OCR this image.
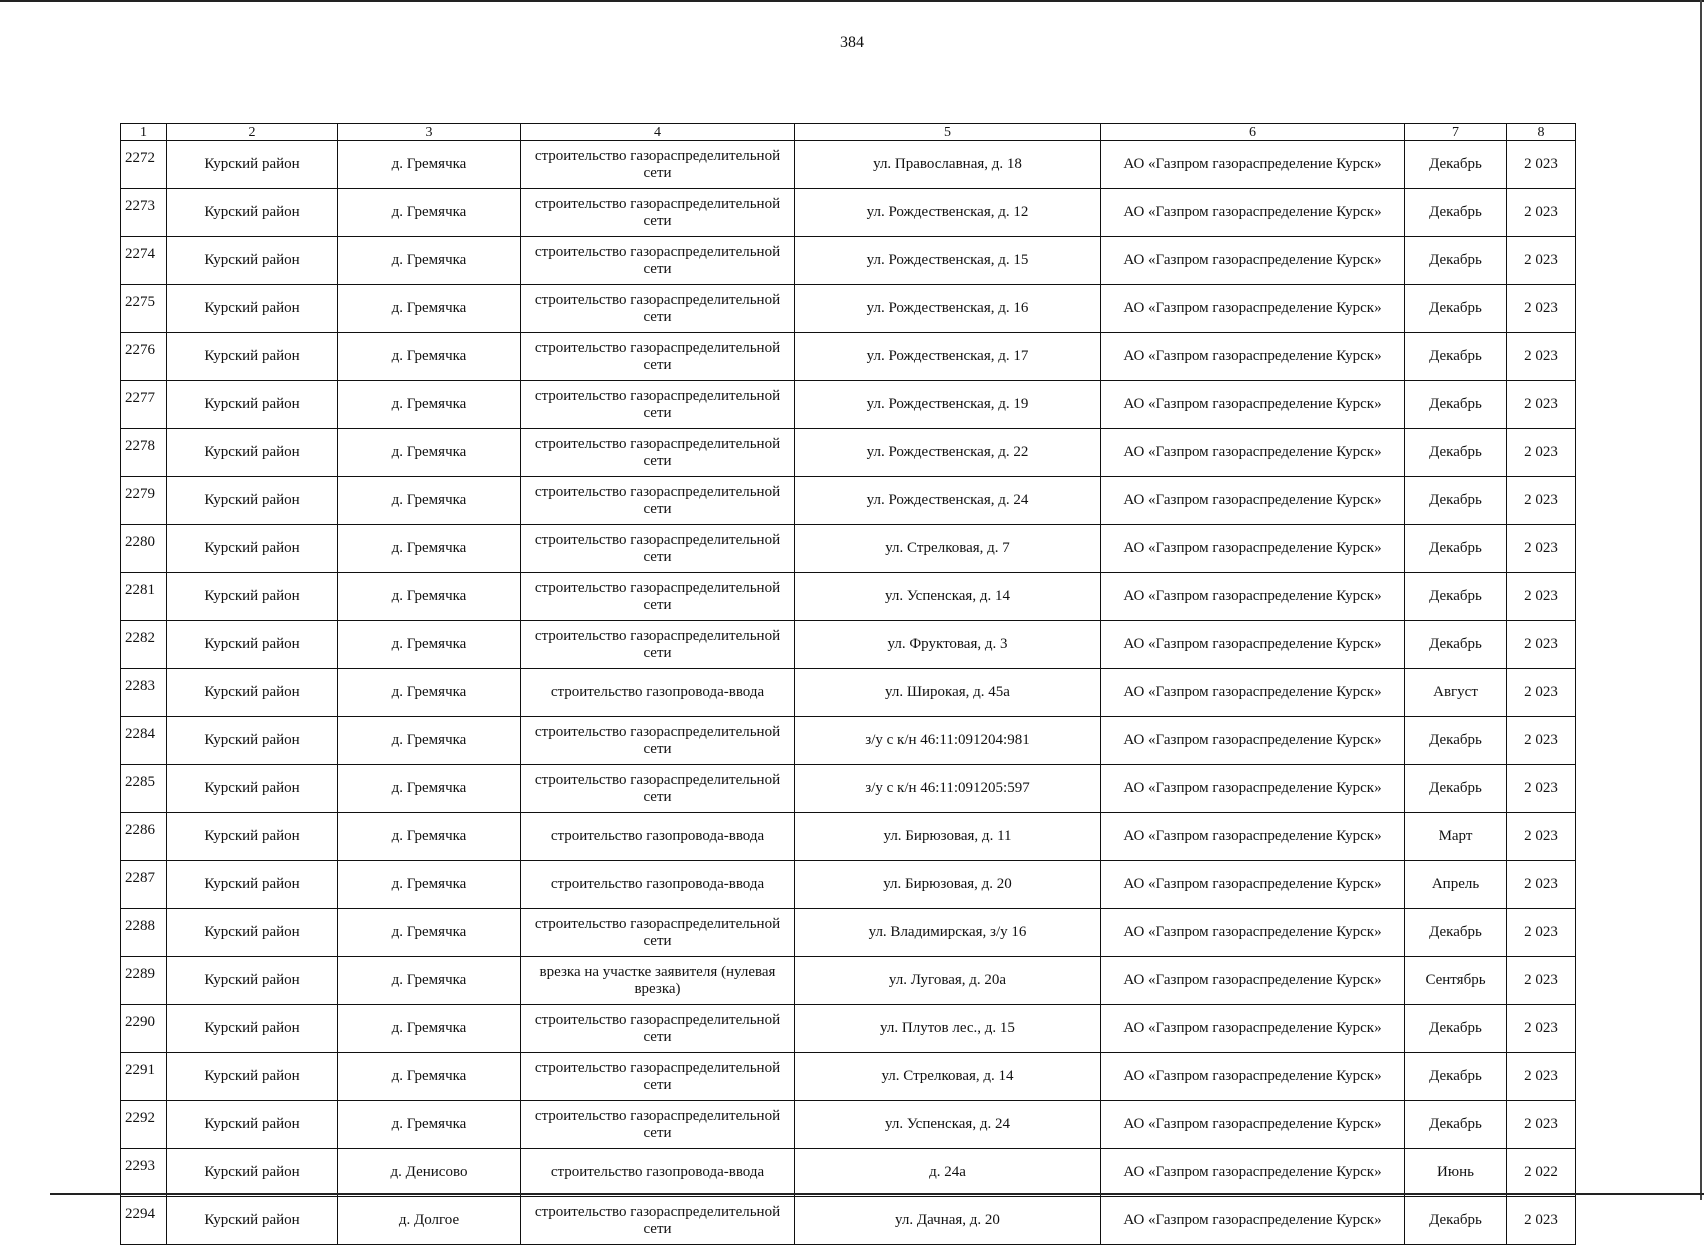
384
1	2	3	4	5	6	7	8
2272	Курский район	д. Гремячка	строительство газораспределительной сети	ул. Православная, д. 18	АО «Газпром газораспределение Курск»	Декабрь	2 023
2273	Курский район	д. Гремячка	строительство газораспределительной сети	ул. Рождественская, д. 12	АО «Газпром газораспределение Курск»	Декабрь	2 023
2274	Курский район	д. Гремячка	строительство газораспределительной сети	ул. Рождественская, д. 15	АО «Газпром газораспределение Курск»	Декабрь	2 023
2275	Курский район	д. Гремячка	строительство газораспределительной сети	ул. Рождественская, д. 16	АО «Газпром газораспределение Курск»	Декабрь	2 023
2276	Курский район	д. Гремячка	строительство газораспределительной сети	ул. Рождественская, д. 17	АО «Газпром газораспределение Курск»	Декабрь	2 023
2277	Курский район	д. Гремячка	строительство газораспределительной сети	ул. Рождественская, д. 19	АО «Газпром газораспределение Курск»	Декабрь	2 023
2278	Курский район	д. Гремячка	строительство газораспределительной сети	ул. Рождественская, д. 22	АО «Газпром газораспределение Курск»	Декабрь	2 023
2279	Курский район	д. Гремячка	строительство газораспределительной сети	ул. Рождественская, д. 24	АО «Газпром газораспределение Курск»	Декабрь	2 023
2280	Курский район	д. Гремячка	строительство газораспределительной сети	ул. Стрелковая, д. 7	АО «Газпром газораспределение Курск»	Декабрь	2 023
2281	Курский район	д. Гремячка	строительство газораспределительной сети	ул. Успенская, д. 14	АО «Газпром газораспределение Курск»	Декабрь	2 023
2282	Курский район	д. Гремячка	строительство газораспределительной сети	ул. Фруктовая, д. 3	АО «Газпром газораспределение Курск»	Декабрь	2 023
2283	Курский район	д. Гремячка	строительство газопровода-ввода	ул. Широкая, д. 45а	АО «Газпром газораспределение Курск»	Август	2 023
2284	Курский район	д. Гремячка	строительство газораспределительной сети	з/у с к/н 46:11:091204:981	АО «Газпром газораспределение Курск»	Декабрь	2 023
2285	Курский район	д. Гремячка	строительство газораспределительной сети	з/у с к/н 46:11:091205:597	АО «Газпром газораспределение Курск»	Декабрь	2 023
2286	Курский район	д. Гремячка	строительство газопровода-ввода	ул. Бирюзовая, д. 11	АО «Газпром газораспределение Курск»	Март	2 023
2287	Курский район	д. Гремячка	строительство газопровода-ввода	ул. Бирюзовая, д. 20	АО «Газпром газораспределение Курск»	Апрель	2 023
2288	Курский район	д. Гремячка	строительство газораспределительной сети	ул. Владимирская, з/у 16	АО «Газпром газораспределение Курск»	Декабрь	2 023
2289	Курский район	д. Гремячка	врезка на участке заявителя (нулевая врезка)	ул. Луговая, д. 20а	АО «Газпром газораспределение Курск»	Сентябрь	2 023
2290	Курский район	д. Гремячка	строительство газораспределительной сети	ул. Плутов лес., д. 15	АО «Газпром газораспределение Курск»	Декабрь	2 023
2291	Курский район	д. Гремячка	строительство газораспределительной сети	ул. Стрелковая, д. 14	АО «Газпром газораспределение Курск»	Декабрь	2 023
2292	Курский район	д. Гремячка	строительство газораспределительной сети	ул. Успенская, д. 24	АО «Газпром газораспределение Курск»	Декабрь	2 023
2293	Курский район	д. Денисово	строительство газопровода-ввода	д. 24а	АО «Газпром газораспределение Курск»	Июнь	2 022
2294	Курский район	д. Долгое	строительство газораспределительной сети	ул. Дачная, д. 20	АО «Газпром газораспределение Курск»	Декабрь	2 023
